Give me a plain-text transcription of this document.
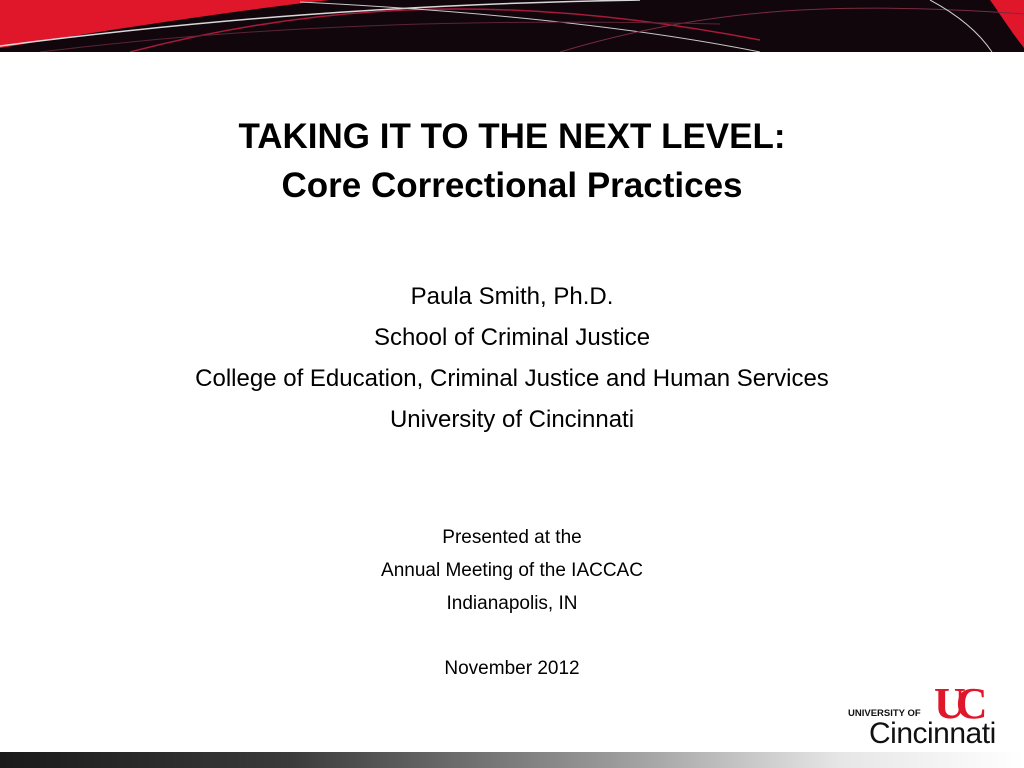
TAKING IT TO THE NEXT LEVEL:
Core Correctional Practices
Paula Smith, Ph.D.
School of Criminal Justice
College of Education, Criminal Justice and Human Services
University of Cincinnati
Presented at the
Annual Meeting of the IACCAC
Indianapolis, IN
November 2012
UNIVERSITY OF UC
Cincinnati
